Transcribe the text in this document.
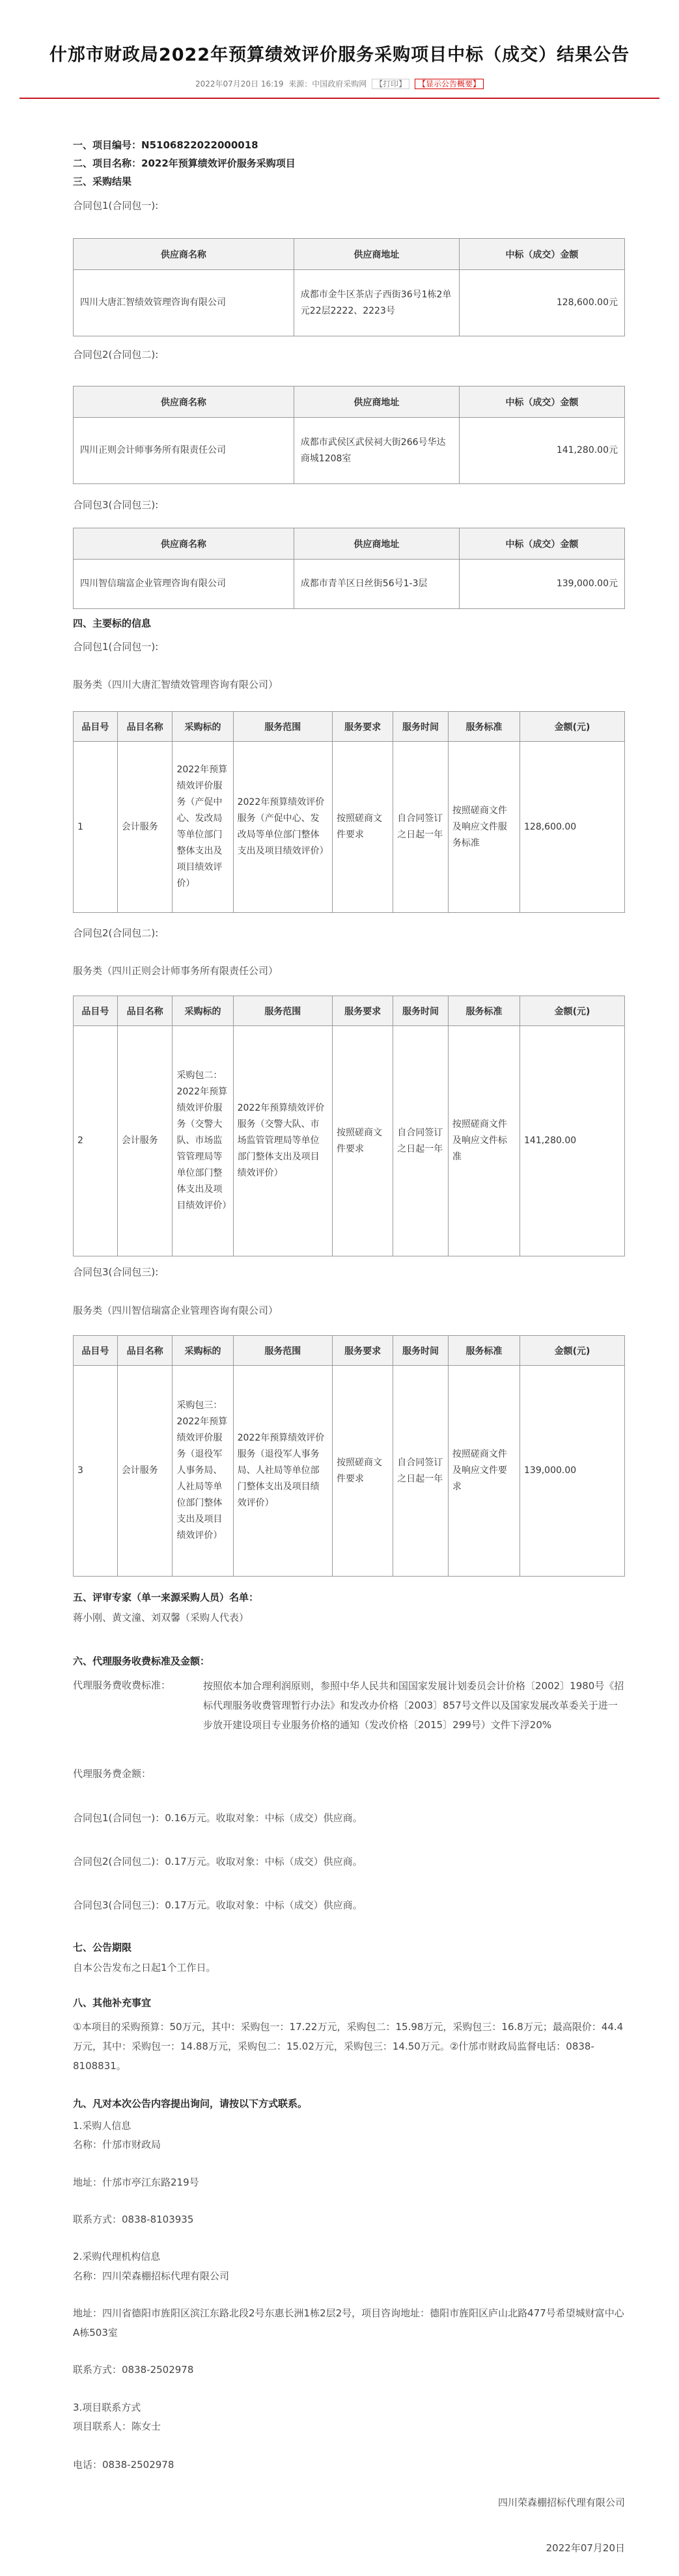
什邡市财政局2022年预算绩效评价服务采购项目中标（成交）结果公告
2022年07月20日 16:19 来源：中国政府采购网 【打印】 【显示公告概要】
一、项目编号：N5106822022000018
二、项目名称：2022年预算绩效评价服务采购项目
三、采购结果
合同包1(合同包一):
供应商名称	供应商地址	中标（成交）金额
四川大唐汇智绩效管理咨询有限公司	成都市金牛区茶店子西街36号1栋2单元22层2222、2223号	128,600.00元
合同包2(合同包二):
供应商名称	供应商地址	中标（成交）金额
四川正则会计师事务所有限责任公司	成都市武侯区武侯祠大街266号华达商城1208室	141,280.00元
合同包3(合同包三):
供应商名称	供应商地址	中标（成交）金额
四川智信瑞富企业管理咨询有限公司	成都市青羊区日丝街56号1-3层	139,000.00元
四、主要标的信息
合同包1(合同包一):
服务类（四川大唐汇智绩效管理咨询有限公司）
品目号	品目名称	采购标的	服务范围	服务要求	服务时间	服务标准	金额(元)
1	会计服务	2022年预算绩效评价服务（产促中心、发改局等单位部门整体支出及项目绩效评价）	2022年预算绩效评价服务（产促中心、发改局等单位部门整体支出及项目绩效评价）	按照磋商文件要求	自合同签订之日起一年	按照磋商文件及响应文件服务标准	128,600.00
合同包2(合同包二):
服务类（四川正则会计师事务所有限责任公司）
品目号	品目名称	采购标的	服务范围	服务要求	服务时间	服务标准	金额(元)
2	会计服务	采购包二：2022年预算绩效评价服务（交警大队、市场监管管理局等单位部门整体支出及项目绩效评价）	2022年预算绩效评价服务（交警大队、市场监管管理局等单位部门整体支出及项目绩效评价）	按照磋商文件要求	自合同签订之日起一年	按照磋商文件及响应文件标准	141,280.00
合同包3(合同包三):
服务类（四川智信瑞富企业管理咨询有限公司）
品目号	品目名称	采购标的	服务范围	服务要求	服务时间	服务标准	金额(元)
3	会计服务	采购包三：2022年预算绩效评价服务（退役军人事务局、人社局等单位部门整体支出及项目绩效评价）	2022年预算绩效评价服务（退役军人事务局、人社局等单位部门整体支出及项目绩效评价）	按照磋商文件要求	自合同签订之日起一年	按照磋商文件及响应文件要求	139,000.00
五、评审专家（单一来源采购人员）名单：
蒋小刚、黄文潼、刘双馨（采购人代表）
六、代理服务收费标准及金额：
代理服务费收费标准：	按照依本加合理利润原则，参照中华人民共和国国家发展计划委员会计价格〔2002〕1980号《招标代理服务收费管理暂行办法》和发改办价格〔2003〕857号文件以及国家发展改革委关于进一步放开建设项目专业服务价格的通知（发改价格〔2015〕299号）文件下浮20%
代理服务费金额：
合同包1(合同包一)：0.16万元。收取对象：中标（成交）供应商。
合同包2(合同包二)：0.17万元。收取对象：中标（成交）供应商。
合同包3(合同包三)：0.17万元。收取对象：中标（成交）供应商。
七、公告期限
自本公告发布之日起1个工作日。
八、其他补充事宜
①本项目的采购预算：50万元，其中：采购包一：17.22万元，采购包二：15.98万元，采购包三：16.8万元；最高限价：44.4万元，其中：采购包一：14.88万元，采购包二：15.02万元，采购包三：14.50万元。②什邡市财政局监督电话：0838-8108831。
九、凡对本次公告内容提出询问，请按以下方式联系。
1.采购人信息
名称：什邡市财政局
地址：什邡市亭江东路219号
联系方式：0838-8103935
2.采购代理机构信息
名称：四川荣森棚招标代理有限公司
地址：四川省德阳市旌阳区滨江东路北段2号东惠长洲1栋2层2号，项目咨询地址：德阳市旌阳区庐山北路477号希望城财富中心A栋503室
联系方式：0838-2502978
3.项目联系方式
项目联系人：陈女士
电话：0838-2502978
四川荣森棚招标代理有限公司
2022年07月20日
